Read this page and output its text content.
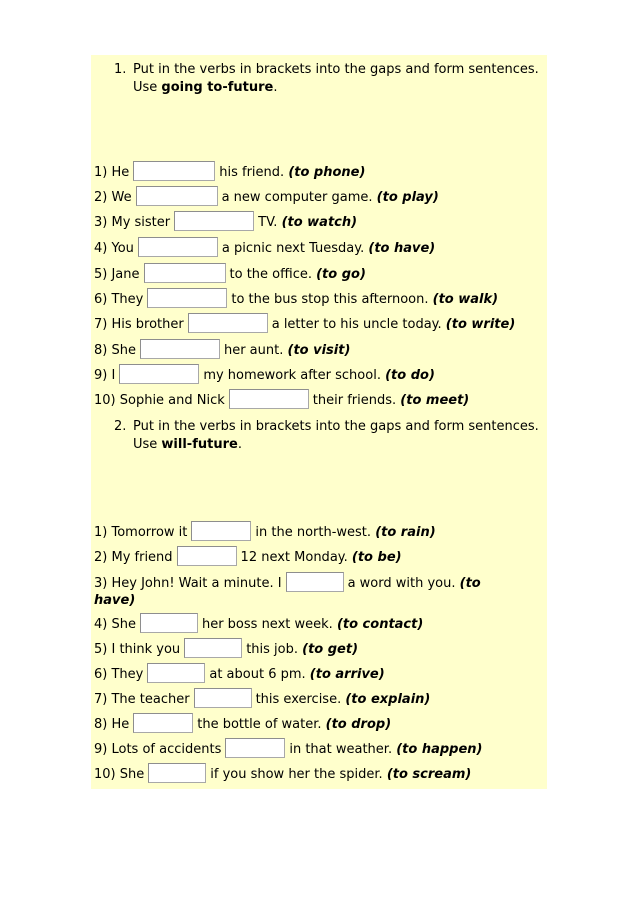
1. Put in the verbs in brackets into the gaps and form sentences.
Use going to-future.
1) He	his friend. (to phone)
2) We	a new computer game. (to play)
3) My sister	TV. (to watch)
4) You	a picnic next Tuesday. (to have)
5) Jane	to the office. (to go)
6) They	to the bus stop this afternoon. (to walk)
7) His brother	a letter to his uncle today. (to write)
8) She	her aunt. (to visit)
9) I	my homework after school. (to do)
10) Sophie and Nick	their friends. (to meet)
2. Put in the verbs in brackets into the gaps and form sentences.
Use will-future.
1) Tomorrow it	in the north-west. (to rain)
2) My friend	12 next Monday. (to be)
3) Hey John! Wait a minute. I	a word with you. (to
have)
4) She	her boss next week. (to contact)
5) I think you	this job. (to get)
6) They	at about 6 pm. (to arrive)
7) The teacher	this exercise. (to explain)
8) He	the bottle of water. (to drop)
9) Lots of accidents	in that weather. (to happen)
10) She	if you show her the spider. (to scream)
